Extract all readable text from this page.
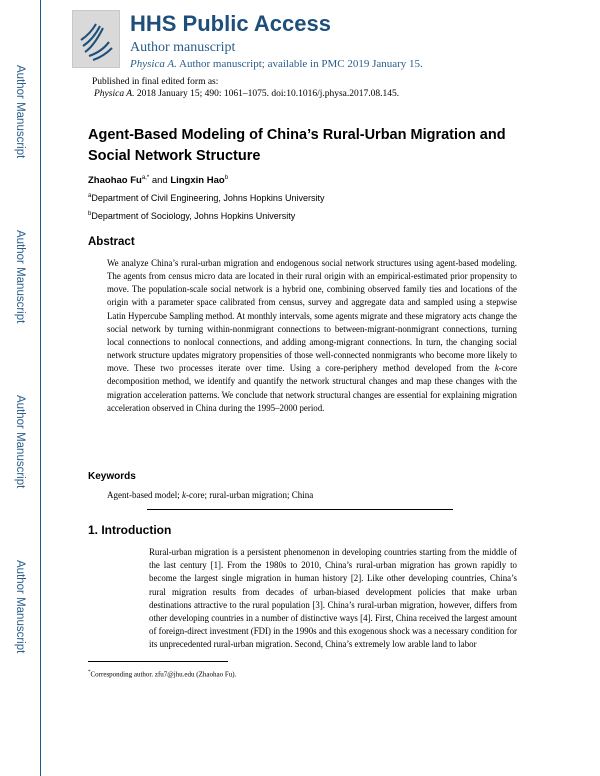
Author Manuscript
Author Manuscript
Author Manuscript
Author Manuscript
HHS Public Access
Author manuscript
Physica A. Author manuscript; available in PMC 2019 January 15.
Published in final edited form as:
Physica A. 2018 January 15; 490: 1061–1075. doi:10.1016/j.physa.2017.08.145.
Agent-Based Modeling of China’s Rural-Urban Migration and Social Network Structure
Zhaohao $Fu^{a,*}$ and Lingxin Hao$^b$
$^a$Department of Civil Engineering, Johns Hopkins University
$^b$Department of Sociology, Johns Hopkins University
Abstract
We analyze China’s rural-urban migration and endogenous social network structures using agent-based modeling. The agents from census micro data are located in their rural origin with an empirical-estimated prior propensity to move. The population-scale social network is a hybrid one, combining observed family ties and locations of the origin with a parameter space calibrated from census, survey and aggregate data and sampled using a stepwise Latin Hypercube Sampling method. At monthly intervals, some agents migrate and these migratory acts change the social network by turning within-nonmigrant connections to between-migrant-nonmigrant connections, turning local connections to nonlocal connections, and adding among-migrant connections. In turn, the changing social network structure updates migratory propensities of those well-connected nonmigrants who become more likely to move. These two processes iterate over time. Using a core-periphery method developed from the k-core decomposition method, we identify and quantify the network structural changes and map these changes with the migration acceleration patterns. We conclude that network structural changes are essential for explaining migration acceleration observed in China during the 1995–2000 period.
Keywords
Agent-based model; k-core; rural-urban migration; China
1. Introduction
Rural-urban migration is a persistent phenomenon in developing countries starting from the middle of the last century [1]. From the 1980s to 2010, China’s rural-urban migration has grown rapidly to become the largest single migration in human history [2]. Like other developing countries, China’s rural migration results from decades of urban-biased development policies that make urban destinations attractive to the rural population [3]. China’s rural-urban migration, however, differs from other developing countries in a number of distinctive ways [4]. First, China received the largest amount of foreign-direct investment (FDI) in the 1990s and this exogenous shock was a necessary condition for its unprecedented rural-urban migration. Second, China’s extremely low arable land to labor
*Corresponding author. zfu7@jhu.edu (Zhaohao Fu).
